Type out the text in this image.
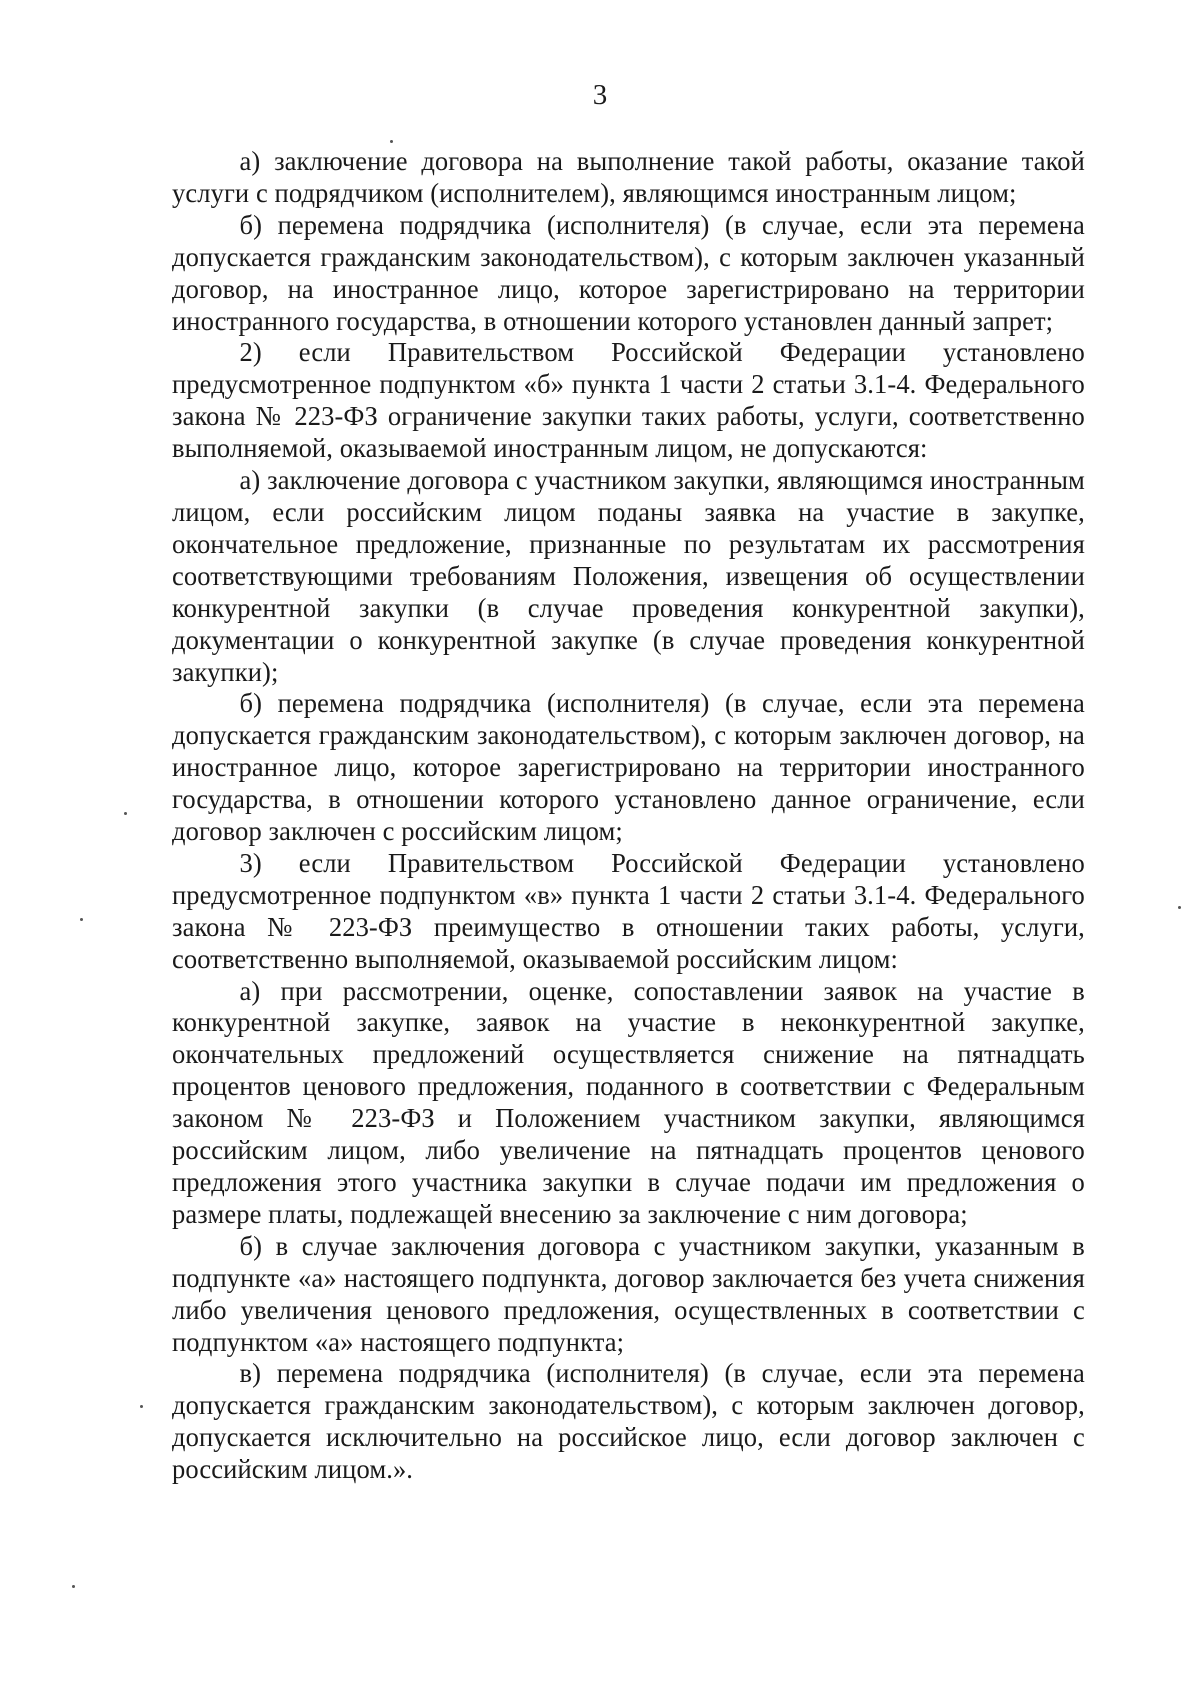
3

а) заключение договора на выполнение такой работы, оказание такой услуги с подрядчиком (исполнителем), являющимся иностранным лицом;

б) перемена подрядчика (исполнителя) (в случае, если эта перемена допускается гражданским законодательством), с которым заключен указанный договор, на иностранное лицо, которое зарегистрировано на территории иностранного государства, в отношении которого установлен данный запрет;

2) если Правительством Российской Федерации установлено предусмотренное подпунктом «б» пункта 1 части 2 статьи 3.1-4. Федерального закона № 223-ФЗ ограничение закупки таких работы, услуги, соответственно выполняемой, оказываемой иностранным лицом, не допускаются:

а) заключение договора с участником закупки, являющимся иностранным лицом, если российским лицом поданы заявка на участие в закупке, окончательное предложение, признанные по результатам их рассмотрения соответствующими требованиям Положения, извещения об осуществлении конкурентной закупки (в случае проведения конкурентной закупки), документации о конкурентной закупке (в случае проведения конкурентной закупки);

б) перемена подрядчика (исполнителя) (в случае, если эта перемена допускается гражданским законодательством), с которым заключен договор, на иностранное лицо, которое зарегистрировано на территории иностранного государства, в отношении которого установлено данное ограничение, если договор заключен с российским лицом;

3) если Правительством Российской Федерации установлено предусмотренное подпунктом «в» пункта 1 части 2 статьи 3.1-4. Федерального закона № 223-ФЗ преимущество в отношении таких работы, услуги, соответственно выполняемой, оказываемой российским лицом:

а) при рассмотрении, оценке, сопоставлении заявок на участие в конкурентной закупке, заявок на участие в неконкурентной закупке, окончательных предложений осуществляется снижение на пятнадцать процентов ценового предложения, поданного в соответствии с Федеральным законом № 223-ФЗ и Положением участником закупки, являющимся российским лицом, либо увеличение на пятнадцать процентов ценового предложения этого участника закупки в случае подачи им предложения о размере платы, подлежащей внесению за заключение с ним договора;

б) в случае заключения договора с участником закупки, указанным в подпункте «а» настоящего подпункта, договор заключается без учета снижения либо увеличения ценового предложения, осуществленных в соответствии с подпунктом «а» настоящего подпункта;

в) перемена подрядчика (исполнителя) (в случае, если эта перемена допускается гражданским законодательством), с которым заключен договор, допускается исключительно на российское лицо, если договор заключен с российским лицом.».
